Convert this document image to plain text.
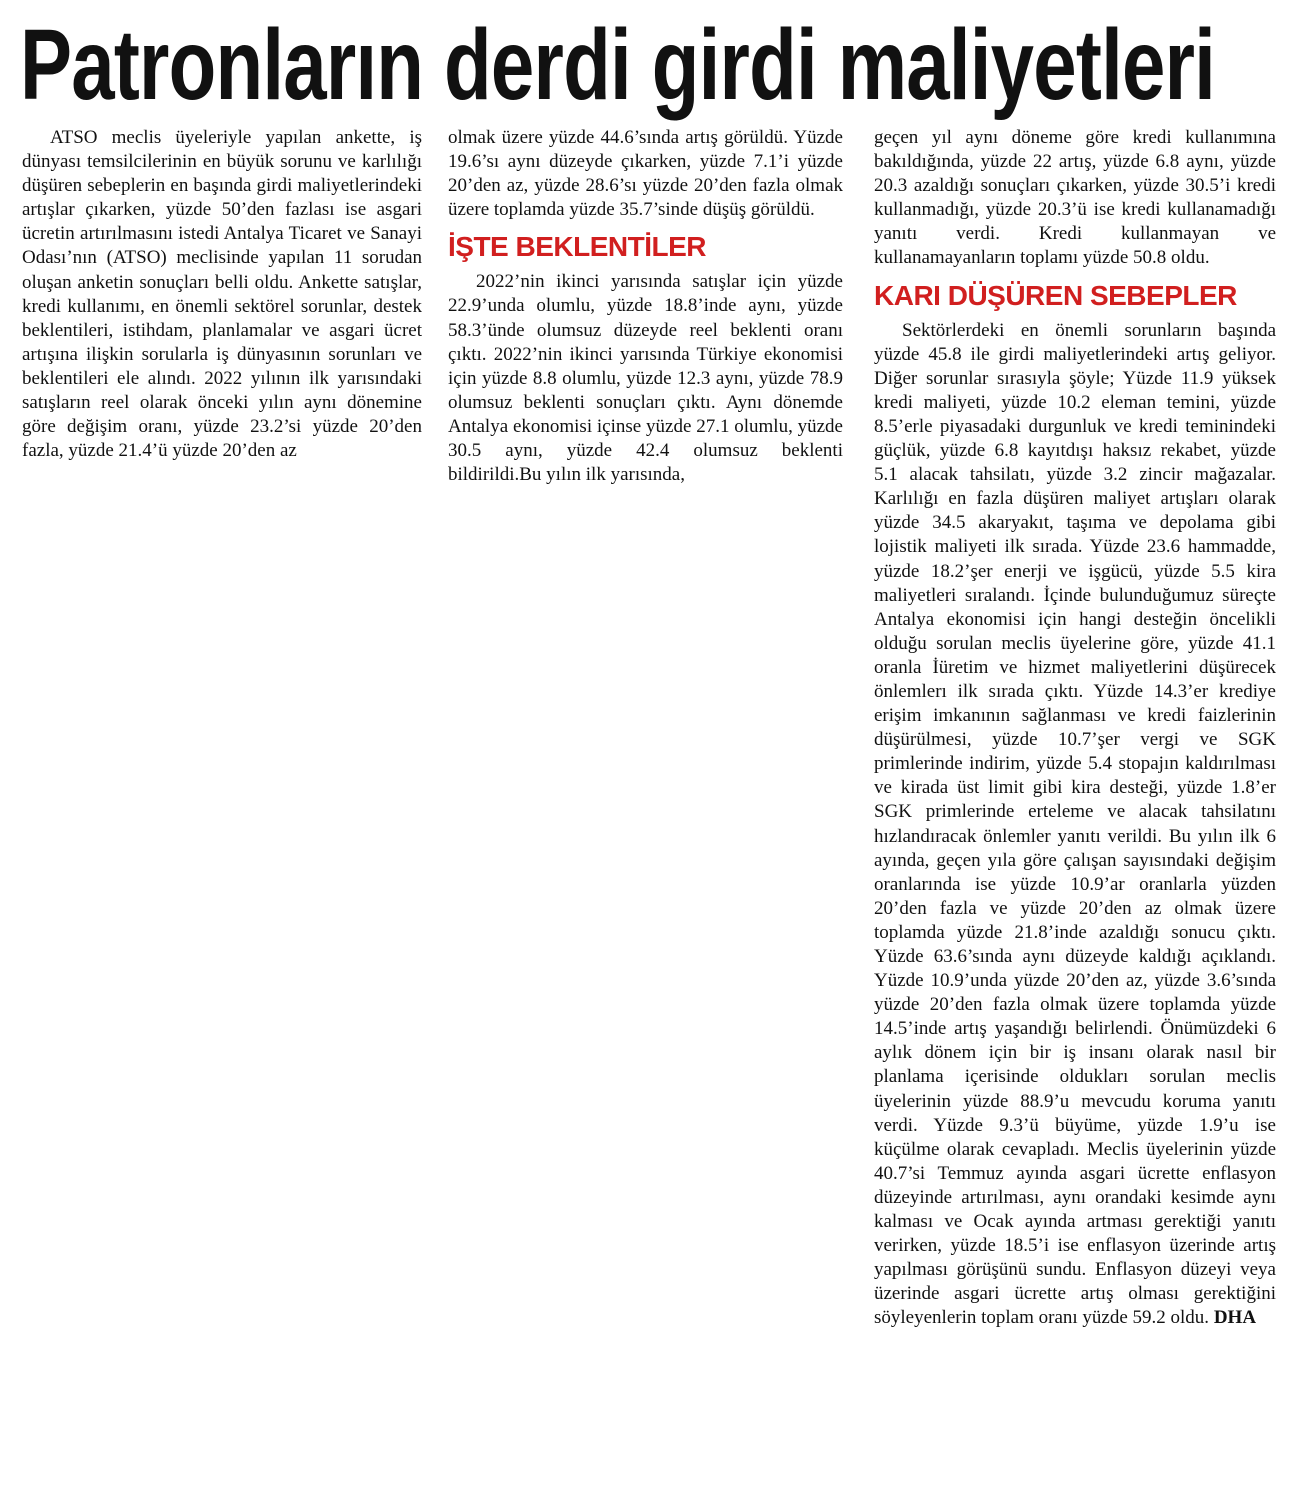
Patronların derdi girdi maliyetleri

ATSO meclis üyeleriyle yapılan ankette, iş dünyası temsilcilerinin en büyük sorunu ve karlılığı düşüren sebeplerin en başında girdi maliyetlerindeki artışlar çıkarken, yüzde 50’den fazlası ise asgari ücretin artırılmasını istedi Antalya Ticaret ve Sanayi Odası’nın (ATSO) meclisinde yapılan 11 sorudan oluşan anketin sonuçları belli oldu. Ankette satışlar, kredi kullanımı, en önemli sektörel sorunlar, destek beklentileri, istihdam, planlamalar ve asgari ücret artışına ilişkin sorularla iş dünyasının sorunları ve beklentileri ele alındı. 2022 yılının ilk yarısındaki satışların reel olarak önceki yılın aynı dönemine göre değişim oranı, yüzde 23.2’si yüzde 20’den fazla, yüzde 21.4’ü yüzde 20’den az

olmak üzere yüzde 44.6’sında artış görüldü. Yüzde 19.6’sı aynı düzeyde çıkarken, yüzde 7.1’i yüzde 20’den az, yüzde 28.6’sı yüzde 20’den fazla olmak üzere toplamda yüzde 35.7’sinde düşüş görüldü.

İŞTE BEKLENTİLER

2022’nin ikinci yarısında satışlar için yüzde 22.9’unda olumlu, yüzde 18.8’inde aynı, yüzde 58.3’ünde olumsuz düzeyde reel beklenti oranı çıktı. 2022’nin ikinci yarısında Türkiye ekonomisi için yüzde 8.8 olumlu, yüzde 12.3 aynı, yüzde 78.9 olumsuz beklenti sonuçları çıktı. Aynı dönemde Antalya ekonomisi içinse yüzde 27.1 olumlu, yüzde 30.5 aynı, yüzde 42.4 olumsuz beklenti bildirildi.Bu yılın ilk yarısında,

geçen yıl aynı döneme göre kredi kullanımına bakıldığında, yüzde 22 artış, yüzde 6.8 aynı, yüzde 20.3 azaldığı sonuçları çıkarken, yüzde 30.5’i kredi kullanmadığı, yüzde 20.3’ü ise kredi kullanamadığı yanıtı verdi. Kredi kullanmayan ve kullanamayanların toplamı yüzde 50.8 oldu.

KARI DÜŞÜREN SEBEPLER

Sektörlerdeki en önemli sorunların başında yüzde 45.8 ile girdi maliyetlerindeki artış geliyor. Diğer sorunlar sırasıyla şöyle; Yüzde 11.9 yüksek kredi maliyeti, yüzde 10.2 eleman temini, yüzde 8.5’erle piyasadaki durgunluk ve kredi teminindeki güçlük, yüzde 6.8 kayıtdışı haksız rekabet, yüzde 5.1 alacak tahsilatı, yüzde 3.2 zincir mağazalar. Karlılığı en fazla düşüren maliyet artışları olarak yüzde 34.5 akaryakıt, taşıma ve depolama gibi lojistik maliyeti ilk sırada. Yüzde 23.6 hammadde, yüzde 18.2’şer enerji ve işgücü, yüzde 5.5 kira maliyetleri sıralandı. İçinde bulunduğumuz süreçte Antalya ekonomisi için hangi desteğin öncelikli olduğu sorulan meclis üyelerine göre, yüzde 41.1 oranla İüretim ve hizmet maliyetlerini düşürecek önlemlerı ilk sırada çıktı. Yüzde 14.3’er krediye erişim imkanının sağlanması ve kredi faizlerinin düşürülmesi, yüzde 10.7’şer vergi ve SGK primlerinde indirim, yüzde 5.4 stopajın kaldırılması ve kirada üst limit gibi kira desteği, yüzde 1.8’er SGK primlerinde erteleme ve alacak tahsilatını hızlandıracak önlemler yanıtı verildi. Bu yılın ilk 6 ayında, geçen yıla göre çalışan sayısındaki değişim oranlarında ise yüzde 10.9’ar oranlarla yüzden 20’den fazla ve yüzde 20’den az olmak üzere toplamda yüzde 21.8’inde azaldığı sonucu çıktı. Yüzde 63.6’sında aynı düzeyde kaldığı açıklandı. Yüzde 10.9’unda yüzde 20’den az, yüzde 3.6’sında yüzde 20’den fazla olmak üzere toplamda yüzde 14.5’inde artış yaşandığı belirlendi. Önümüzdeki 6 aylık dönem için bir iş insanı olarak nasıl bir planlama içerisinde oldukları sorulan meclis üyelerinin yüzde 88.9’u mevcudu koruma yanıtı verdi. Yüzde 9.3’ü büyüme, yüzde 1.9’u ise küçülme olarak cevapladı. Meclis üyelerinin yüzde 40.7’si Temmuz ayında asgari ücrette enflasyon düzeyinde artırılması, aynı orandaki kesimde aynı kalması ve Ocak ayında artması gerektiği yanıtı verirken, yüzde 18.5’i ise enflasyon üzerinde artış yapılması görüşünü sundu. Enflasyon düzeyi veya üzerinde asgari ücrette artış olması gerektiğini söyleyenlerin toplam oranı yüzde 59.2 oldu. DHA
